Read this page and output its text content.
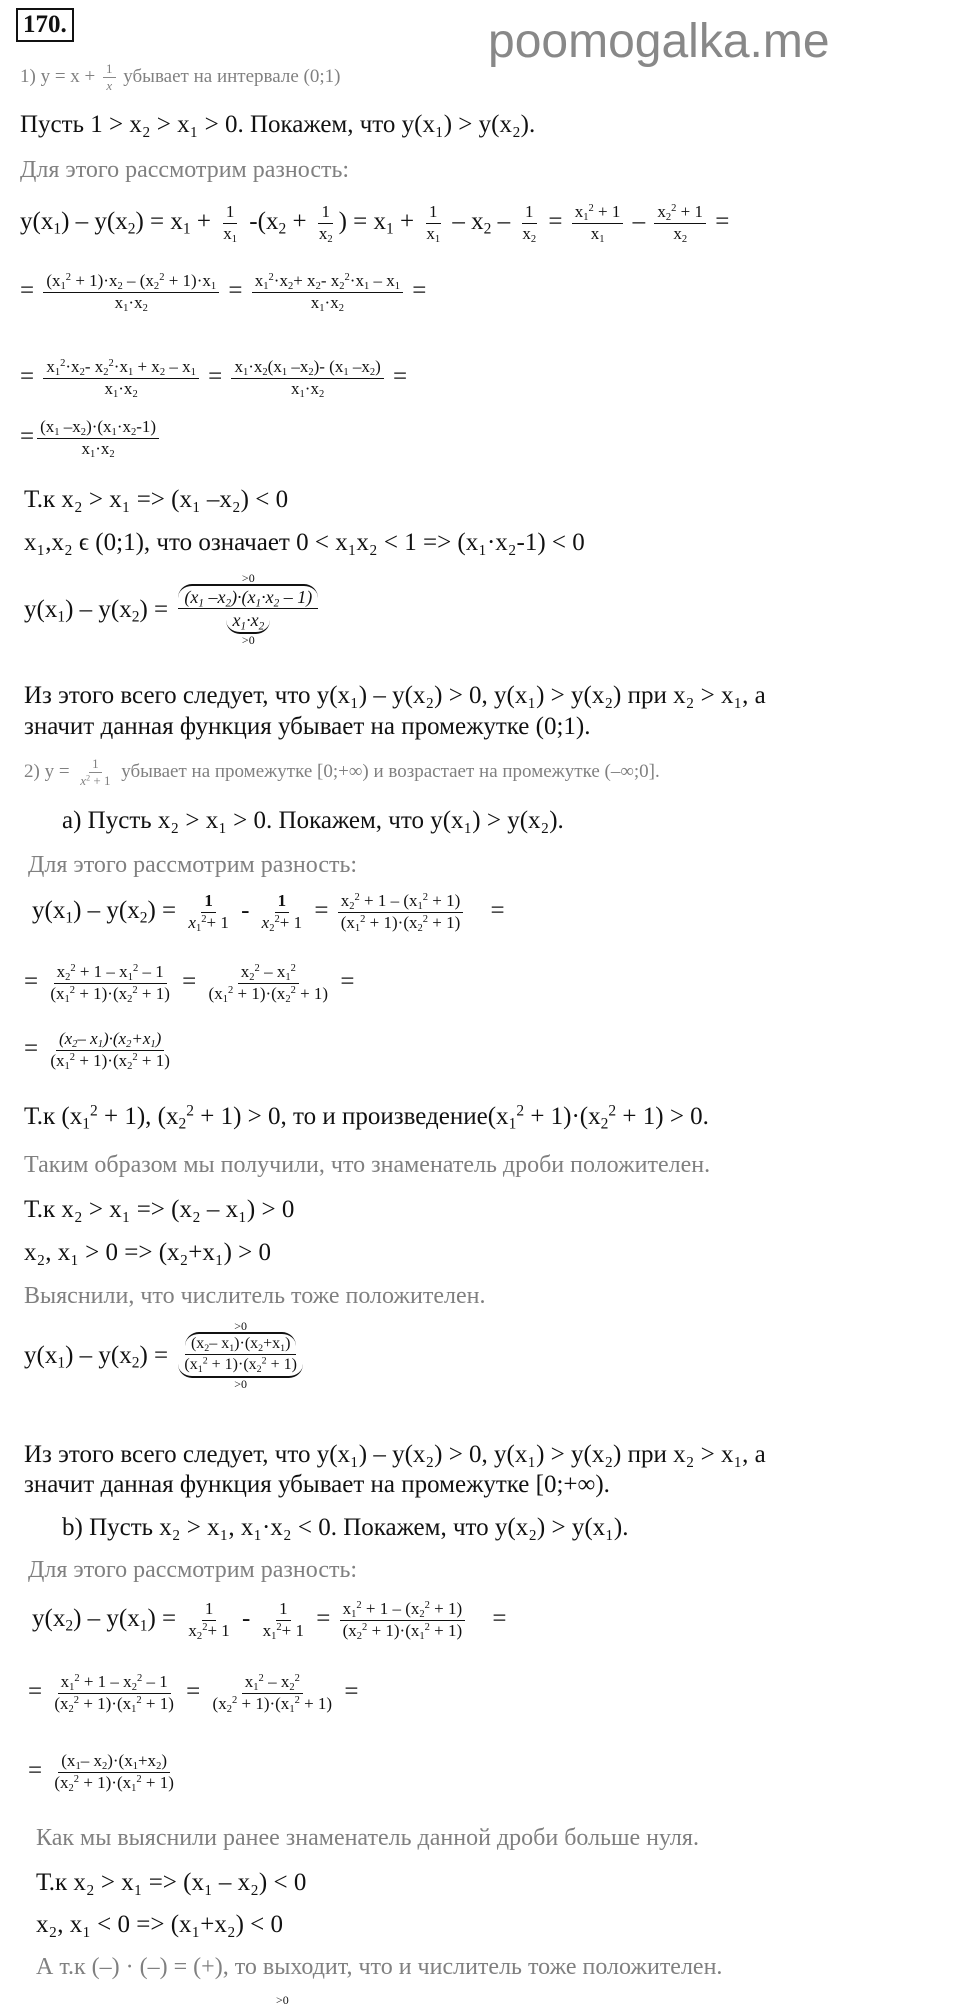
170.	poomogalka.me
1) $y = x + \frac{1}{x}$ убывает на интервале (0;1)
Пусть 1 > x₂ > x₁ > 0. Покажем, что y(x₁) > y(x₂).
Для этого рассмотрим разность:
$y(x_1) - y(x_2) = x_1 + \frac{1}{x_1} -(x_2 + \frac{1}{x_2}$ ) = $x_1 + \frac{1}{x_1} - x_2 - \frac{1}{x_2} = \frac{x_1^2 + 1}{x_1} - \frac{x_2^2 + 1}{x_2}$ =
= $\frac{(x_1^2 + 1)\cdot x_2 - (x_2^2 + 1)\cdot x_1}{x_1\cdot x_2} = \frac{x_1^2\cdot x_2+ x_2- x_2^2\cdot x_1 - x_1}{x_1\cdot x_2}$ =
= $\frac{x_1^2\cdot x_2- x_2^2\cdot x_1 + x_2 - x_1}{x_1\cdot x_2} = \frac{x_1\cdot x_2(x_1 -x_2)- (x_1 -x_2)}{x_1\cdot x_2}$ =
= $\frac{(x_1 -x_2)\cdot(x_1\cdot x_2-1)}{x_1\cdot x_2}$
Т.к x₂ > x₁ => (x₁ –x₂) < 0
x₁,x₂ ϵ (0;1), что означает 0 < x₁x₂ < 1 => (x₁·x₂-1) < 0
$y(x_1) - y(x_2)$ =
>0
($x_1$ $-x_2)\cdot(x_1\cdot x_2 - 1)$
$x_1\cdot x_2$
>0
Из этого всего следует, что y(x₁) – y(x₂) > 0, y(x₁) > y(x₂) при x₂ > x₁, а
значит данная функция убывает на промежутке (0;1).
2) $y = \frac{1}{x^2 + 1}$ убывает на промежутке [0;+∞) и возрастает на промежутке (–∞;0].
a) Пусть x₂ > x₁ > 0. Покажем, что y(x₁) > y(x₂).
Для этого рассмотрим разность:
$y(x_1) - y(x_2) = \frac{1}{x_1^2+ 1} - \frac{1}{x_2^2+ 1} = \frac{x_2^2 + 1 - (x_1^2 + 1)}{(x_1^2 + 1)\cdot(x_2^2 + 1)}$ =
= $\frac{x_2^2 + 1 - x_1^2 - 1}{(x_1^2 + 1)\cdot(x_2^2 + 1)} = \frac{x_2^2 - x_1^2}{(x_1^2 + 1)\cdot(x_2^2 + 1)}$ =
= $\frac{(x_2- x_1)\cdot(x_2+x_1)}{(x_1^2 + 1)\cdot(x_2^2 + 1)}$
Т.к $(x_1^2 + 1)$, $(x_2^2 + 1) > 0$, то и $произведение(x_1^2 + 1)\cdot(x_2^2 + 1) > 0$.
Таким образом мы получили, что знаменатель дроби положителен.
Т.к x₂ > x₁ => (x₂ – x₁) > 0
x₂, x₁ > 0 => (x₂+x₁) > 0
Выяснили, что числитель тоже положителен.
$y(x_1) - y(x_2)$ =
>0
($x_2-$ $x_1)\cdot(x_2+x_1)$
$(x_1^2 + 1)\cdot(x_2^2 + 1)$
>0
Из этого всего следует, что y(x₁) – y(x₂) > 0, y(x₁) > y(x₂) при x₂ > x₁, а
значит данная функция убывает на промежутке [0;+∞).
b) Пусть x₂ > x₁, x₁·x₂ < 0. Покажем, что y(x₂) > y(x₁).
Для этого рассмотрим разность:
$y(x_2) - y(x_1) = \frac{1}{x_2^2+ 1} - \frac{1}{x_1^2+ 1} = \frac{x_1^2 + 1 - (x_2^2 + 1)}{(x_2^2 + 1)\cdot(x_1^2 + 1)}$ =
= $\frac{x_1^2 + 1 - x_2^2 - 1}{(x_2^2 + 1)\cdot(x_1^2 + 1)} = \frac{x_1^2 - x_2^2}{(x_2^2 + 1)\cdot(x_1^2 + 1)}$ =
= $\frac{(x_1- x_2)\cdot(x_1+x_2)}{(x_2^2 + 1)\cdot(x_1^2 + 1)}$
Как мы выяснили ранее знаменатель данной дроби больше нуля.
Т.к x₂ > x₁ => (x₁ – x₂) < 0
x₂, x₁ < 0 => (x₁+x₂) < 0
А т.к (–) · (–) = (+), то выходит, что и числитель тоже положителен.
>0
